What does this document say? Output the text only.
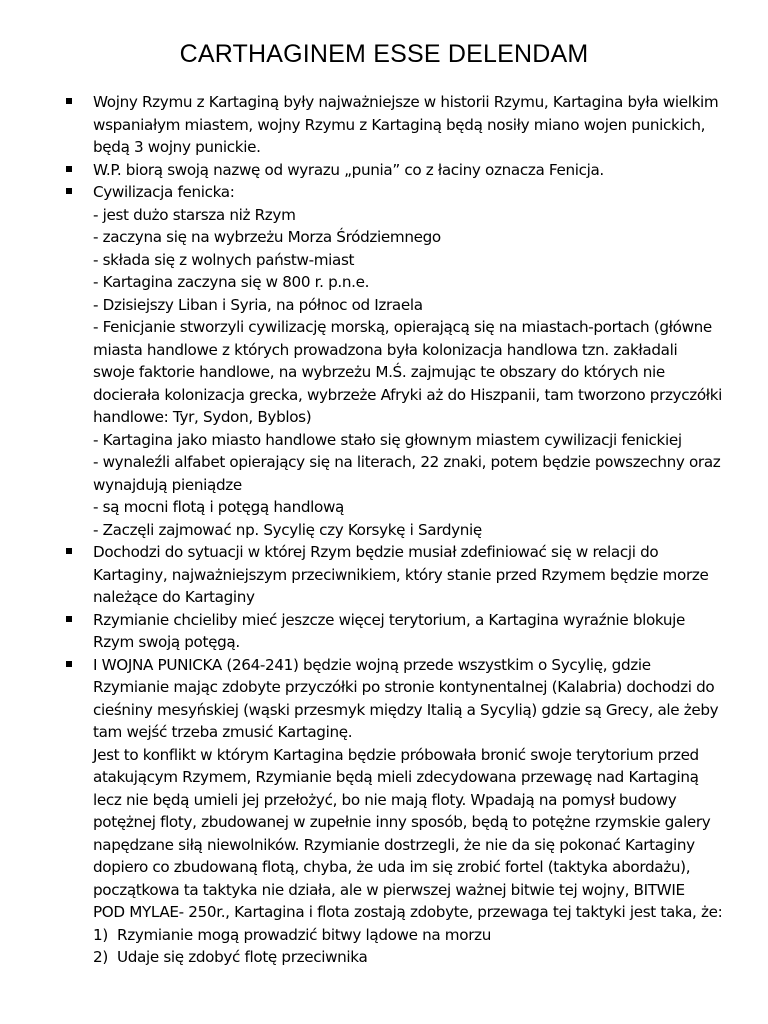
CARTHAGINEM ESSE DELENDAM
Wojny Rzymu z Kartaginą były najważniejsze w historii Rzymu, Kartagina była wielkim
wspaniałym miastem, wojny Rzymu z Kartaginą będą nosiły miano wojen punickich,
będą 3 wojny punickie.
W.P. biorą swoją nazwę od wyrazu „punia” co z łaciny oznacza Fenicja.
Cywilizacja fenicka:
- jest dużo starsza niż Rzym
- zaczyna się na wybrzeżu Morza Śródziemnego
- składa się z wolnych państw-miast
- Kartagina zaczyna się w 800 r. p.n.e.
- Dzisiejszy Liban i Syria, na północ od Izraela
- Fenicjanie stworzyli cywilizację morską, opierającą się na miastach-portach (główne
miasta handlowe z których prowadzona była kolonizacja handlowa tzn. zakładali
swoje faktorie handlowe, na wybrzeżu M.Ś. zajmując te obszary do których nie
docierała kolonizacja grecka, wybrzeże Afryki aż do Hiszpanii, tam tworzono przyczółki
handlowe: Tyr, Sydon, Byblos)
- Kartagina jako miasto handlowe stało się głownym miastem cywilizacji fenickiej
- wynaleźli alfabet opierający się na literach, 22 znaki, potem będzie powszechny oraz
wynajdują pieniądze
- są mocni flotą i potęgą handlową
- Zaczęli zajmować np. Sycylię czy Korsykę i Sardynię
Dochodzi do sytuacji w której Rzym będzie musiał zdefiniować się w relacji do
Kartaginy, najważniejszym przeciwnikiem, który stanie przed Rzymem będzie morze
należące do Kartaginy
Rzymianie chcieliby mieć jeszcze więcej terytorium, a Kartagina wyraźnie blokuje
Rzym swoją potęgą.
I WOJNA PUNICKA (264-241) będzie wojną przede wszystkim o Sycylię, gdzie
Rzymianie mając zdobyte przyczółki po stronie kontynentalnej (Kalabria) dochodzi do
cieśniny mesyńskiej (wąski przesmyk między Italią a Sycylią) gdzie są Grecy, ale żeby
tam wejść trzeba zmusić Kartaginę.
Jest to konflikt w którym Kartagina będzie próbowała bronić swoje terytorium przed
atakującym Rzymem, Rzymianie będą mieli zdecydowana przewagę nad Kartaginą
lecz nie będą umieli jej przełożyć, bo nie mają floty. Wpadają na pomysł budowy
potężnej floty, zbudowanej w zupełnie inny sposób, będą to potężne rzymskie galery
napędzane siłą niewolników. Rzymianie dostrzegli, że nie da się pokonać Kartaginy
dopiero co zbudowaną flotą, chyba, że uda im się zrobić fortel (taktyka abordażu),
początkowa ta taktyka nie działa, ale w pierwszej ważnej bitwie tej wojny, BITWIE
POD MYLAE- 250r., Kartagina i flota zostają zdobyte, przewaga tej taktyki jest taka, że:
1) Rzymianie mogą prowadzić bitwy lądowe na morzu
2) Udaje się zdobyć flotę przeciwnika
